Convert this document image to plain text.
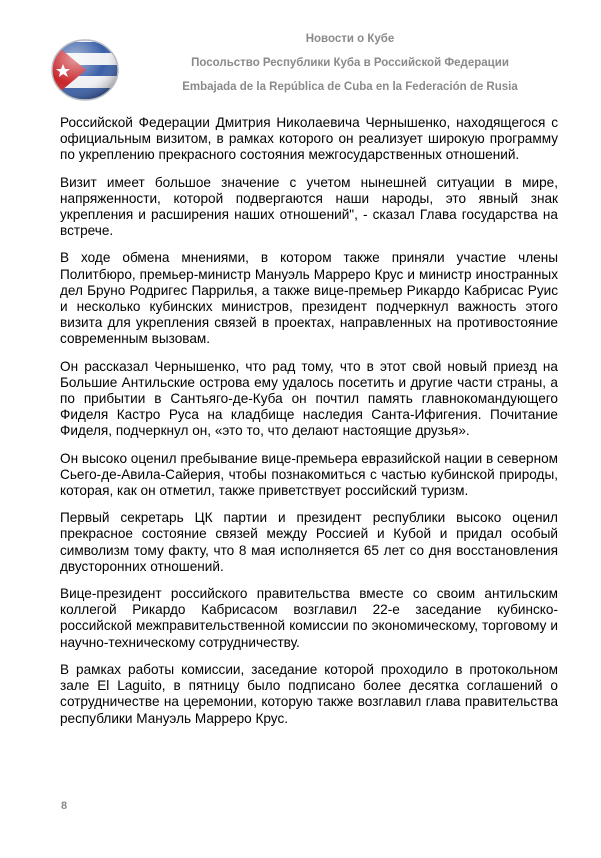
Новости о Кубе
Посольство Республики Куба в Российской Федерации
Embajada de la República de Cuba en la Federación de Rusia

Российской Федерации Дмитрия Николаевича Чернышенко, находящегося с официальным визитом, в рамках которого он реализует широкую программу по укреплению прекрасного состояния межгосударственных отношений.

Визит имеет большое значение с учетом нынешней ситуации в мире, напряженности, которой подвергаются наши народы, это явный знак укрепления и расширения наших отношений", - сказал Глава государства на встрече.

В ходе обмена мнениями, в котором также приняли участие члены Политбюро, премьер-министр Мануэль Марреро Крус и министр иностранных дел Бруно Родригес Паррилья, а также вице-премьер Рикардо Кабрисас Руис и несколько кубинских министров, президент подчеркнул важность этого визита для укрепления связей в проектах, направленных на противостояние современным вызовам.

Он рассказал Чернышенко, что рад тому, что в этот свой новый приезд на Большие Антильские острова ему удалось посетить и другие части страны, а по прибытии в Сантьяго-де-Куба он почтил память главнокомандующего Фиделя Кастро Руса на кладбище наследия Санта-Ифигения. Почитание Фиделя, подчеркнул он, «это то, что делают настоящие друзья».

Он высоко оценил пребывание вице-премьера евразийской нации в северном Сьего-де-Авила-Сайерия, чтобы познакомиться с частью кубинской природы, которая, как он отметил, также приветствует российский туризм.

Первый секретарь ЦК партии и президент республики высоко оценил прекрасное состояние связей между Россией и Кубой и придал особый символизм тому факту, что 8 мая исполняется 65 лет со дня восстановления двусторонних отношений.

Вице-президент российского правительства вместе со своим антильским коллегой Рикардо Кабрисасом возглавил 22-е заседание кубинско-российской межправительственной комиссии по экономическому, торговому и научно-техническому сотрудничеству.

В рамках работы комиссии, заседание которой проходило в протокольном зале El Laguito, в пятницу было подписано более десятка соглашений о сотрудничестве на церемонии, которую также возглавил глава правительства республики Мануэль Марреро Крус.

8
